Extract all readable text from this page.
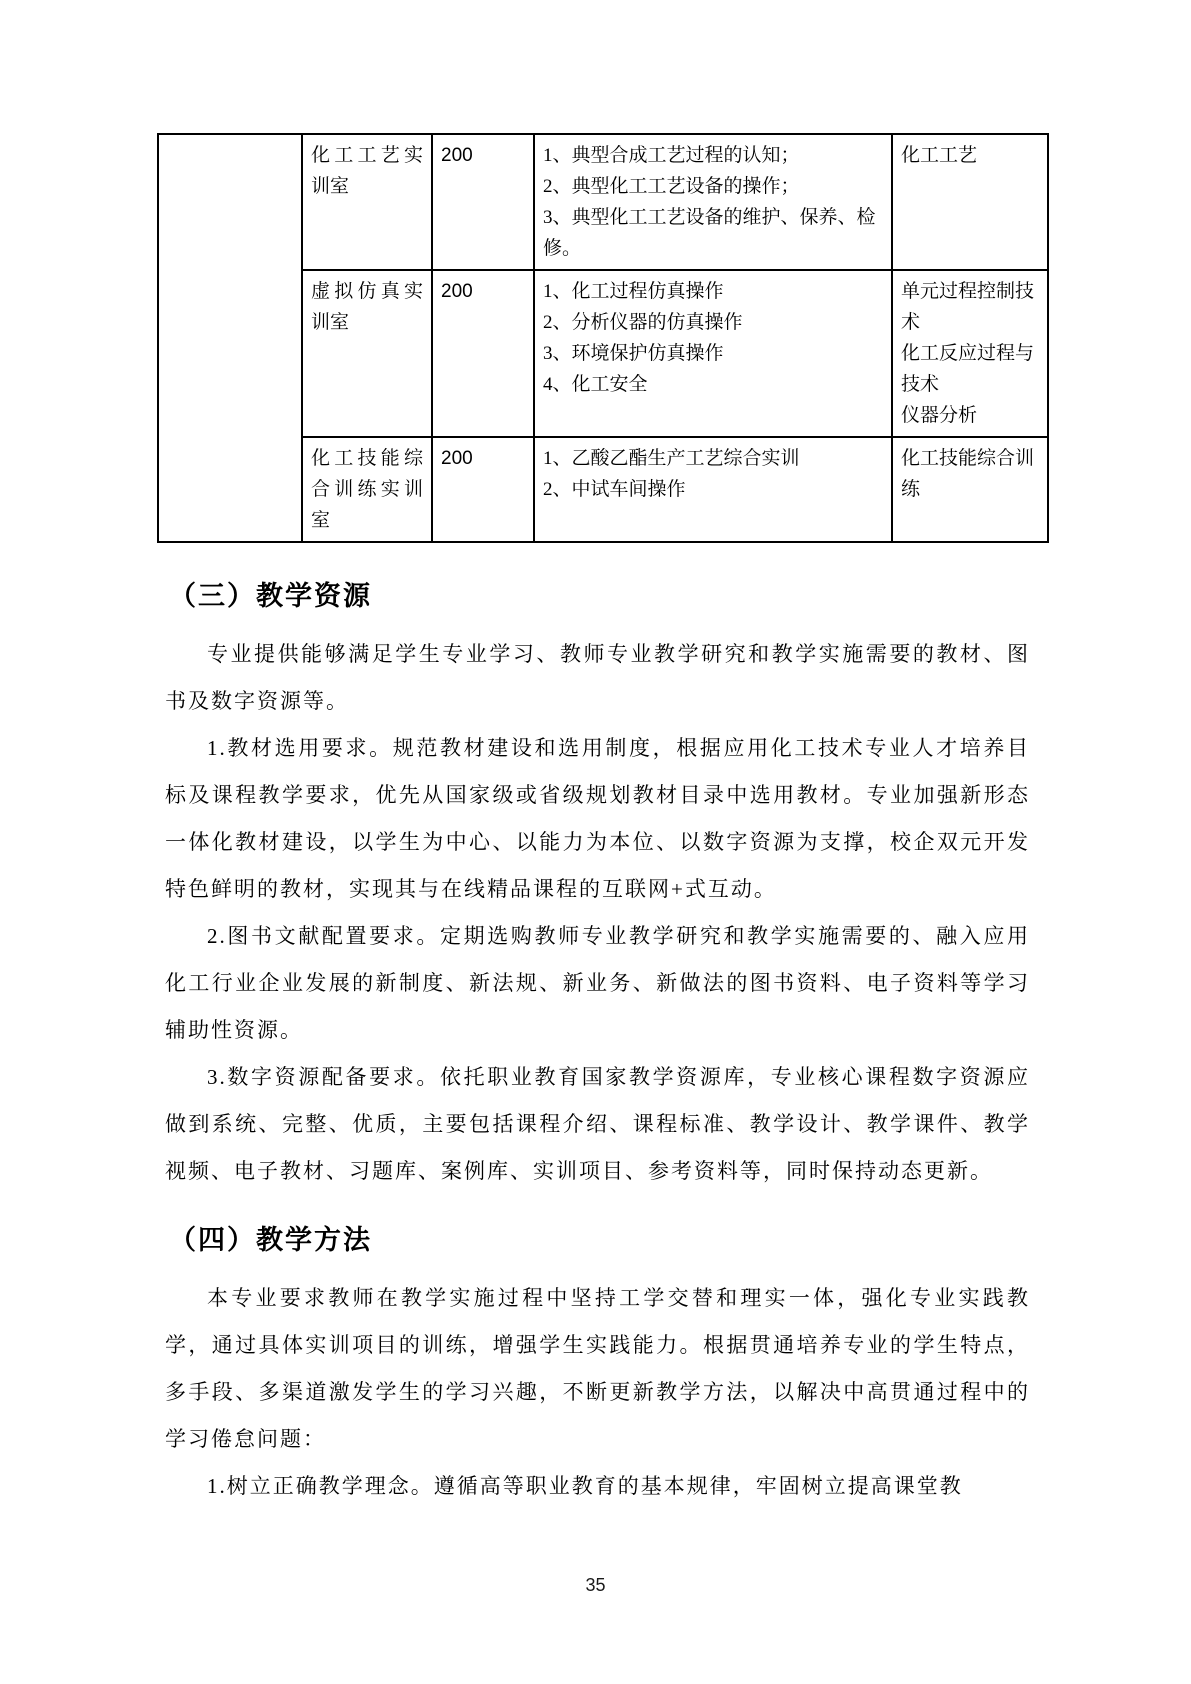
	化工工艺实训室	200	1、典型合成工艺过程的认知；
2、典型化工工艺设备的操作；
3、典型化工工艺设备的维护、保养、检修。	化工工艺

	虚拟仿真实训室	200	1、化工过程仿真操作
2、分析仪器的仿真操作
3、环境保护仿真操作
4、化工安全	单元过程控制技术
化工反应过程与技术
仪器分析

	化工技能综合训练实训室	200	1、乙酸乙酯生产工艺综合实训
2、中试车间操作	化工技能综合训练
（三）教学资源

专业提供能够满足学生专业学习、教师专业教学研究和教学实施需要的教材、图书及数字资源等。

1.教材选用要求。规范教材建设和选用制度，根据应用化工技术专业人才培养目标及课程教学要求，优先从国家级或省级规划教材目录中选用教材。专业加强新形态一体化教材建设，以学生为中心、以能力为本位、以数字资源为支撑，校企双元开发特色鲜明的教材，实现其与在线精品课程的互联网+式互动。

2.图书文献配置要求。定期选购教师专业教学研究和教学实施需要的、融入应用化工行业企业发展的新制度、新法规、新业务、新做法的图书资料、电子资料等学习辅助性资源。

3.数字资源配备要求。依托职业教育国家教学资源库，专业核心课程数字资源应做到系统、完整、优质，主要包括课程介绍、课程标准、教学设计、教学课件、教学视频、电子教材、习题库、案例库、实训项目、参考资料等，同时保持动态更新。

（四）教学方法

本专业要求教师在教学实施过程中坚持工学交替和理实一体，强化专业实践教学，通过具体实训项目的训练，增强学生实践能力。根据贯通培养专业的学生特点，多手段、多渠道激发学生的学习兴趣，不断更新教学方法，以解决中高贯通过程中的学习倦怠问题：

1.树立正确教学理念。遵循高等职业教育的基本规律，牢固树立提高课堂教

35
